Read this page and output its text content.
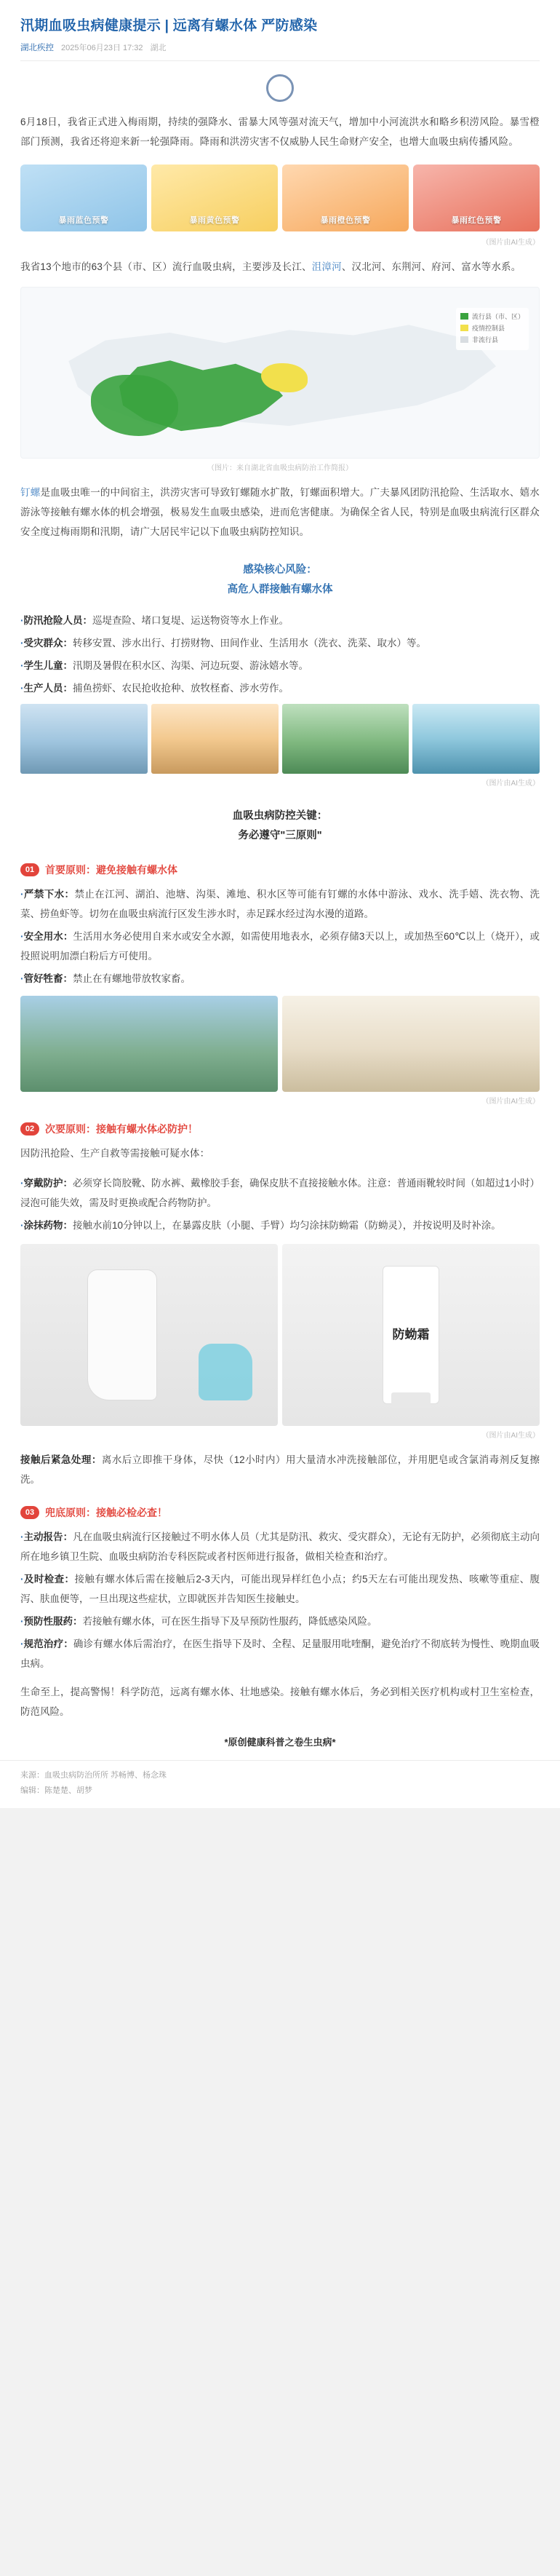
汛期血吸虫病健康提示 | 远离有螺水体 严防感染
湖北疾控 2025年06月23日 17:32 湖北

6月18日，我省正式进入梅雨期，持续的强降水、雷暴大风等强对流天气，增加中小河流洪水和略乡积涝风险。暴雪橙部门预测，我省还将迎来新一轮强降雨。降雨和洪涝灾害不仅威胁人民生命财产安全，也增大血吸虫病传播风险。

暴雨蓝色预警	暴雨黄色预警	暴雨橙色预警	暴雨红色预警
（图片由AI生成）

我省13个地市的63个县（市、区）流行血吸虫病，主要涉及长江、沮漳河、汉北河、东荆河、府河、富水等水系。

流行县（市、区）
疫情控制县
非流行县
（图片：来自湖北省血吸虫病防治工作简报）

钉螺是血吸虫唯一的中间宿主，洪涝灾害可导致钉螺随水扩散，钉螺面积增大。广夫暴风团防汛抢险、生活取水、嬉水游泳等接触有螺水体的机会增强，极易发生血吸虫感染，进而危害健康。为确保全省人民，特别是血吸虫病流行区群众安全度过梅雨期和汛期，请广大居民牢记以下血吸虫病防控知识。

感染核心风险：
高危人群接触有螺水体
·防汛抢险人员：巡堤查险、堵口复堤、运送物资等水上作业。
·受灾群众：转移安置、涉水出行、打捞财物、田间作业、生活用水（洗衣、洗菜、取水）等。
·学生儿童：汛期及暑假在积水区、沟渠、河边玩耍、游泳嬉水等。
·生产人员：捕鱼捞虾、农民抢收抢种、放牧柽畜、涉水劳作。
（图片由AI生成）
血吸虫病防控关键：
务必遵守"三原则"
01	首要原则：避免接触有螺水体
·严禁下水：禁止在江河、湖泊、池塘、沟渠、滩地、积水区等可能有钉螺的水体中游泳、戏水、洗手嬉、洗衣物、洗菜、捞鱼虾等。切勿在血吸虫病流行区发生涉水时，赤足踩水经过沟水漫的道路。
·安全用水：生活用水务必使用自来水或安全水源，如需使用地表水，必须存储3天以上，或加热至60℃以上（烧开），或投照说明加漂白粉后方可使用。
·管好牲畜：禁止在有螺地带放牧家畜。
（图片由AI生成）
02	次要原则：接触有螺水体必防护！

因防汛抢险、生产自救等需接触可疑水体：

·穿戴防护：必须穿长筒胶靴、防水裤、戴橡胶手套，确保皮肤不直接接触水体。注意：普通雨靴较时间（如超过1小时）浸泡可能失效，需及时更换或配合药物防护。
·涂抹药物：接触水前10分钟以上，在暴露皮肤（小腿、手臂）均匀涂抹防蚴霜（防蚴灵），并按说明及时补涂。
防蚴霜
（图片由AI生成）

接触后紧急处理：离水后立即推干身体，尽快（12小时内）用大量清水冲洗接触部位，并用肥皂或含氯消毒剂反复擦洗。

03	兜底原则：接触必检必查！
·主动报告：凡在血吸虫病流行区接触过不明水体人员（尤其是防汛、救灾、受灾群众），无论有无防护，必须彻底主动向所在地乡镇卫生院、血吸虫病防治专科医院或者村医师进行报备，做相关检查和治疗。
·及时检查：接触有螺水体后需在接触后2-3天内，可能出现异样红色小点；约5天左右可能出现发热、咳嗽等重症、腹泻、肤血便等，一旦出现这些症状，立即就医并告知医生接触史。
·预防性服药：若接触有螺水体，可在医生指导下及早预防性服药，降低感染风险。
·规范治疗：确诊有螺水体后需治疗，在医生指导下及时、全程、足量服用吡喹酮，避免治疗不彻底转为慢性、晚期血吸虫病。

生命至上，提高警惕！科学防范，远离有螺水体、壮地感染。接触有螺水体后，务必到相关医疗机构或村卫生室检查，防范风险。

*原创健康科普之卷生虫病*
来源：血吸虫病防治所所 苏畅博、杨念珠
编辑：陈楚楚、胡梦
